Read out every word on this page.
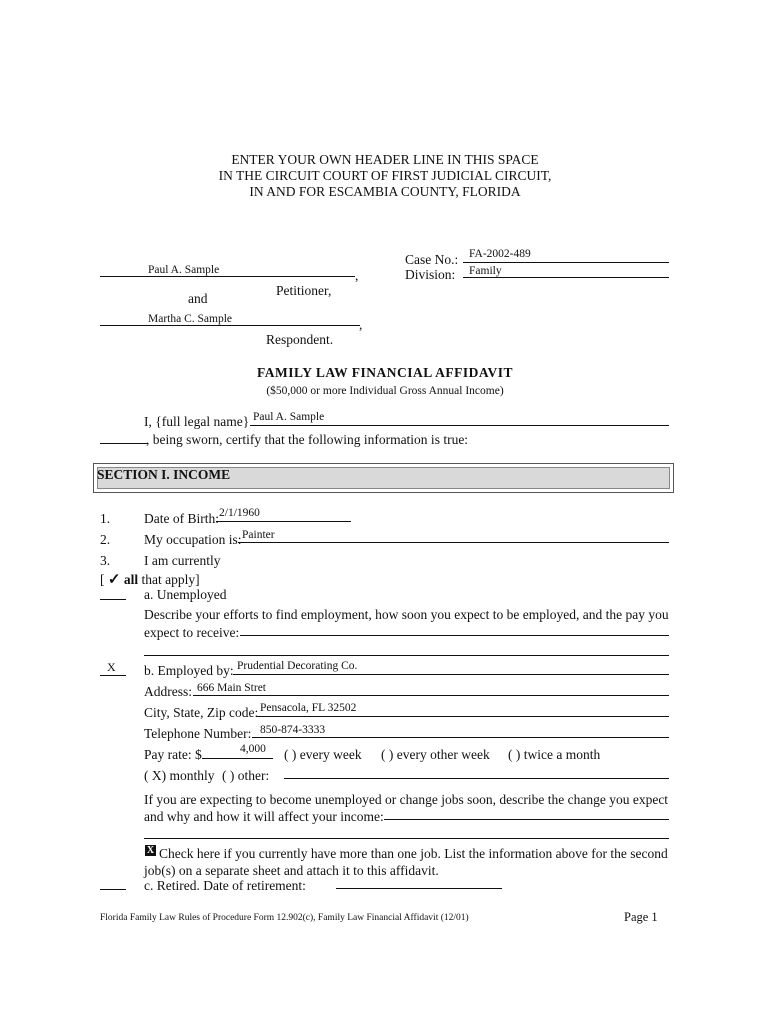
ENTER YOUR OWN HEADER LINE IN THIS SPACE
IN THE CIRCUIT COURT OF FIRST JUDICIAL CIRCUIT,
IN AND FOR ESCAMBIA COUNTY, FLORIDA
Case No.: FA-2002-489
Division: Family
Paul A. Sample	,
Petitioner,
and
Martha C. Sample	,
Respondent.
FAMILY LAW FINANCIAL AFFIDAVIT
($50,000 or more Individual Gross Annual Income)
I, {full legal name} Paul A. Sample
, being sworn, certify that the following information is true:
SECTION I. INCOME
1.	Date of Birth: 2/1/1960
2.	My occupation is: Painter
3.	I am currently
[ ✓ all that apply]
a. Unemployed
Describe your efforts to find employment, how soon you expect to be employed, and the pay you
expect to receive:
X b. Employed by: Prudential Decorating Co.
Address: 666 Main Stret
City, State, Zip code: Pensacola, FL 32502
Telephone Number: 850-874-3333
Pay rate: $	4,000 ( ) every week ( ) every other week ( ) twice a month
( X) monthly ( ) other:
If you are expecting to become unemployed or change jobs soon, describe the change you expect
and why and how it will affect your income:
X Check here if you currently have more than one job. List the information above for the second
job(s) on a separate sheet and attach it to this affidavit.
c. Retired. Date of retirement:
Florida Family Law Rules of Procedure Form 12.902(c), Family Law Financial Affidavit (12/01)	Page 1
